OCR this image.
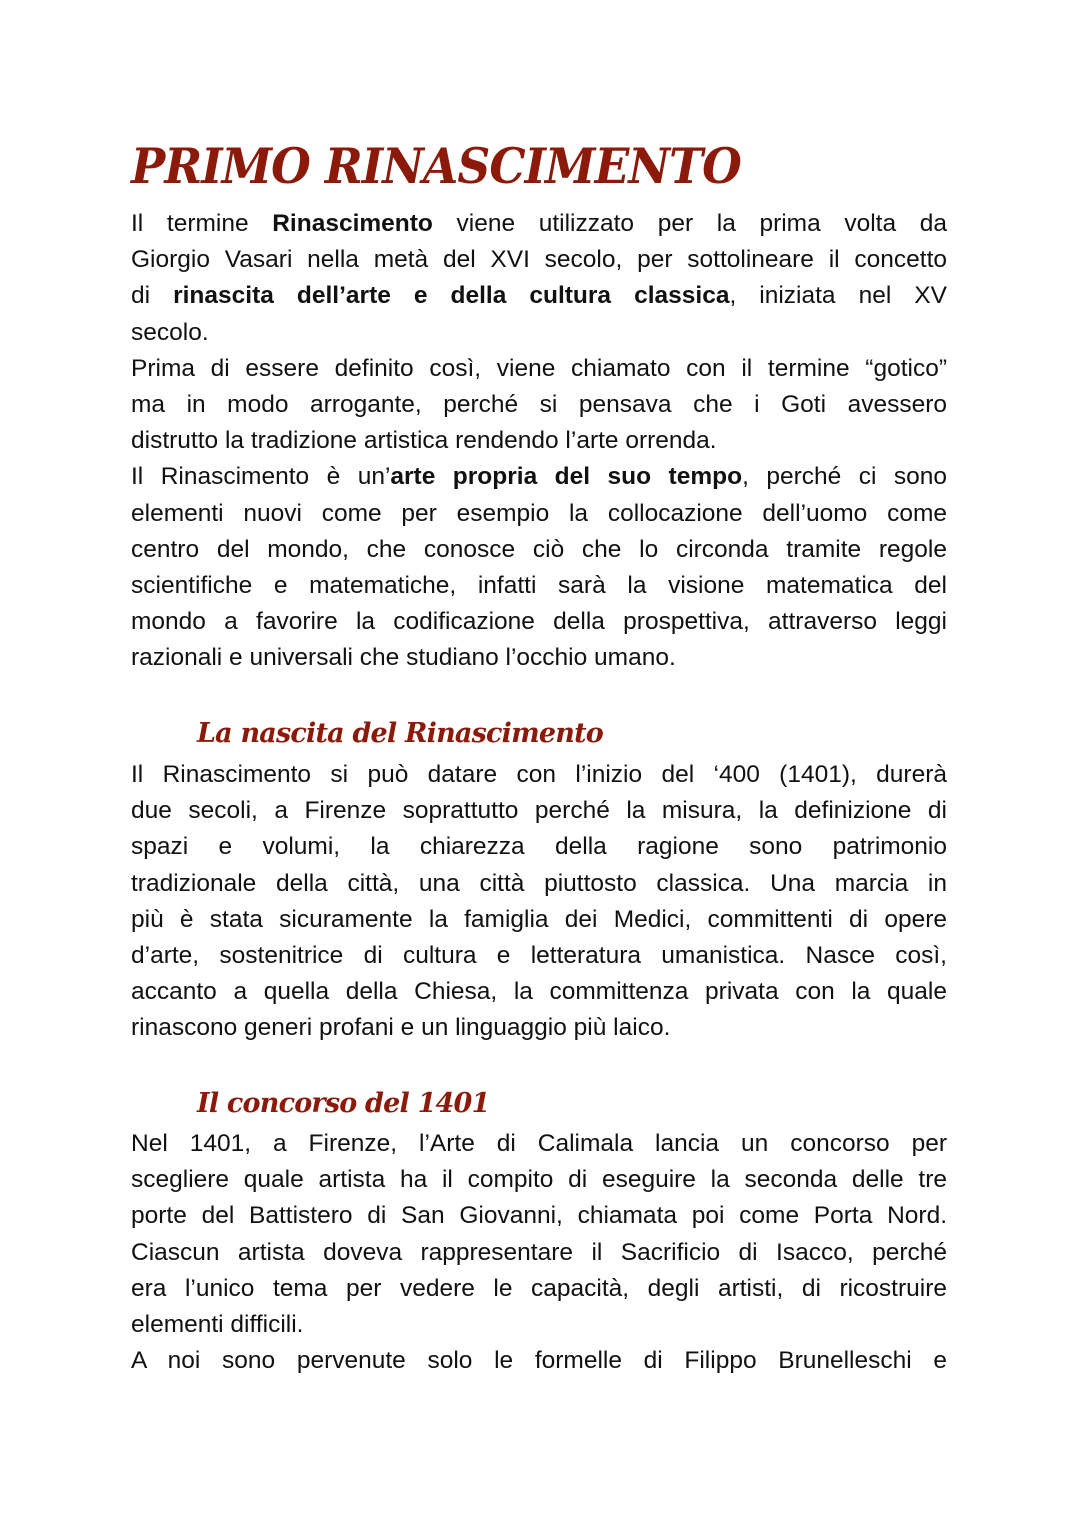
PRIMO RINASCIMENTO
Il termine Rinascimento viene utilizzato per la prima volta da
Giorgio Vasari nella metà del XVI secolo, per sottolineare il concetto
di rinascita dell’arte e della cultura classica, iniziata nel XV
secolo.
Prima di essere definito così, viene chiamato con il termine “gotico”
ma in modo arrogante, perché si pensava che i Goti avessero
distrutto la tradizione artistica rendendo l’arte orrenda.
Il Rinascimento è un’arte propria del suo tempo, perché ci sono
elementi nuovi come per esempio la collocazione dell’uomo come
centro del mondo, che conosce ciò che lo circonda tramite regole
scientifiche e matematiche, infatti sarà la visione matematica del
mondo a favorire la codificazione della prospettiva, attraverso leggi
razionali e universali che studiano l’occhio umano.
La nascita del Rinascimento
Il Rinascimento si può datare con l’inizio del ‘400 (1401), durerà
due secoli, a Firenze soprattutto perché la misura, la definizione di
spazi e volumi, la chiarezza della ragione sono patrimonio
tradizionale della città, una città piuttosto classica. Una marcia in
più è stata sicuramente la famiglia dei Medici, committenti di opere
d’arte, sostenitrice di cultura e letteratura umanistica. Nasce così,
accanto a quella della Chiesa, la committenza privata con la quale
rinascono generi profani e un linguaggio più laico.
Il concorso del 1401
Nel 1401, a Firenze, l’Arte di Calimala lancia un concorso per
scegliere quale artista ha il compito di eseguire la seconda delle tre
porte del Battistero di San Giovanni, chiamata poi come Porta Nord.
Ciascun artista doveva rappresentare il Sacrificio di Isacco, perché
era l’unico tema per vedere le capacità, degli artisti, di ricostruire
elementi difficili.
A noi sono pervenute solo le formelle di Filippo Brunelleschi e
